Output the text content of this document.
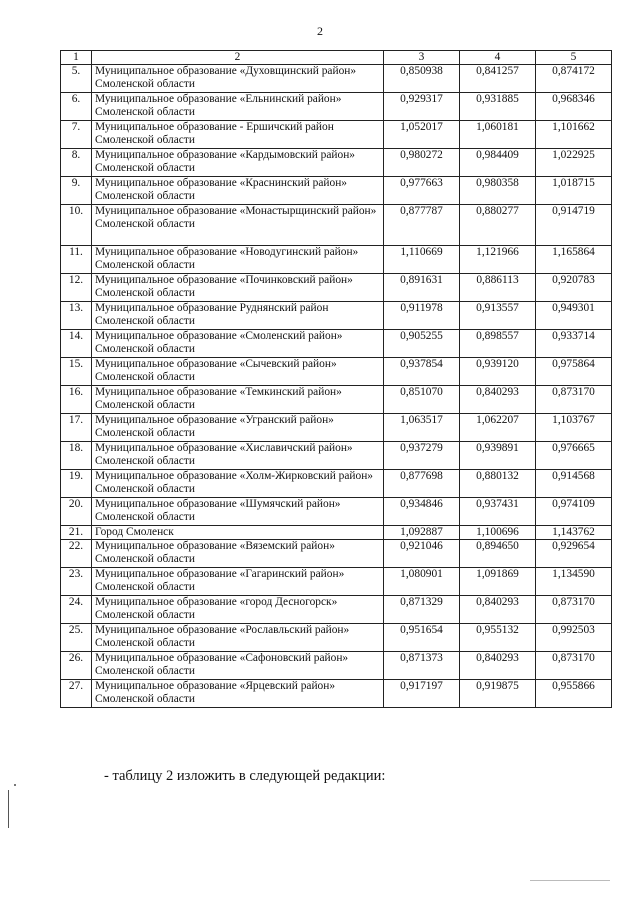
2
1	2	3	4	5
5.	Муниципальное образование «Духовщинский район» Смоленской области	0,850938	0,841257	0,874172
6.	Муниципальное образование «Ельнинский район» Смоленской области	0,929317	0,931885	0,968346
7.	Муниципальное образование - Ершичский район Смоленской области	1,052017	1,060181	1,101662
8.	Муниципальное образование «Кардымовский район» Смоленской области	0,980272	0,984409	1,022925
9.	Муниципальное образование «Краснинский район» Смоленской области	0,977663	0,980358	1,018715
10.	Муниципальное образование «Монастырщинский район» Смоленской области	0,877787	0,880277	0,914719
11.	Муниципальное образование «Новодугинский район» Смоленской области	1,110669	1,121966	1,165864
12.	Муниципальное образование «Починковский район» Смоленской области	0,891631	0,886113	0,920783
13.	Муниципальное образование Руднянский район Смоленской области	0,911978	0,913557	0,949301
14.	Муниципальное образование «Смоленский район» Смоленской области	0,905255	0,898557	0,933714
15.	Муниципальное образование «Сычевский район» Смоленской области	0,937854	0,939120	0,975864
16.	Муниципальное образование «Темкинский район» Смоленской области	0,851070	0,840293	0,873170
17.	Муниципальное образование «Угранский район» Смоленской области	1,063517	1,062207	1,103767
18.	Муниципальное образование «Хиславичский район» Смоленской области	0,937279	0,939891	0,976665
19.	Муниципальное образование «Холм-Жирковский район» Смоленской области	0,877698	0,880132	0,914568
20.	Муниципальное образование «Шумячский район» Смоленской области	0,934846	0,937431	0,974109
21.	Город Смоленск	1,092887	1,100696	1,143762
22.	Муниципальное образование «Вяземский район» Смоленской области	0,921046	0,894650	0,929654
23.	Муниципальное образование «Гагаринский район» Смоленской области	1,080901	1,091869	1,134590
24.	Муниципальное образование «город Десногорск» Смоленской области	0,871329	0,840293	0,873170
25.	Муниципальное образование «Рославльский район» Смоленской области	0,951654	0,955132	0,992503
26.	Муниципальное образование «Сафоновский район» Смоленской области	0,871373	0,840293	0,873170
27.	Муниципальное образование «Ярцевский район» Смоленской области	0,917197	0,919875	0,955866
- таблицу 2 изложить в следующей редакции:
